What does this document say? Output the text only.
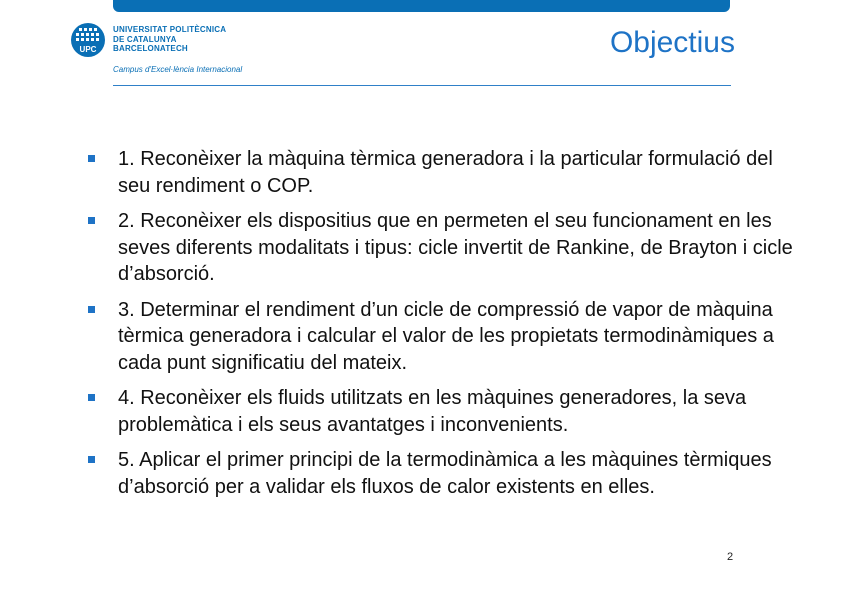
UPC
UNIVERSITAT POLITÈCNICA
DE CATALUNYA
BARCELONATECH
Campus d'Excel·lència Internacional
Objectius
1. Reconèixer la màquina tèrmica generadora i la particular formulació del seu rendiment o COP.
2. Reconèixer els dispositius que en permeten el seu funcionament en les seves diferents modalitats i tipus: cicle invertit de Rankine, de Brayton i cicle d’absorció.
3. Determinar el rendiment d’un cicle de compressió de vapor de màquina tèrmica generadora i calcular el valor de les propietats termodinàmiques a cada punt significatiu del mateix.
4. Reconèixer els fluids utilitzats en les màquines generadores, la seva problemàtica i els seus avantatges i inconvenients.
5. Aplicar el primer principi de la termodinàmica a les màquines tèrmiques d’absorció per a validar els fluxos de calor existents en elles.
2
